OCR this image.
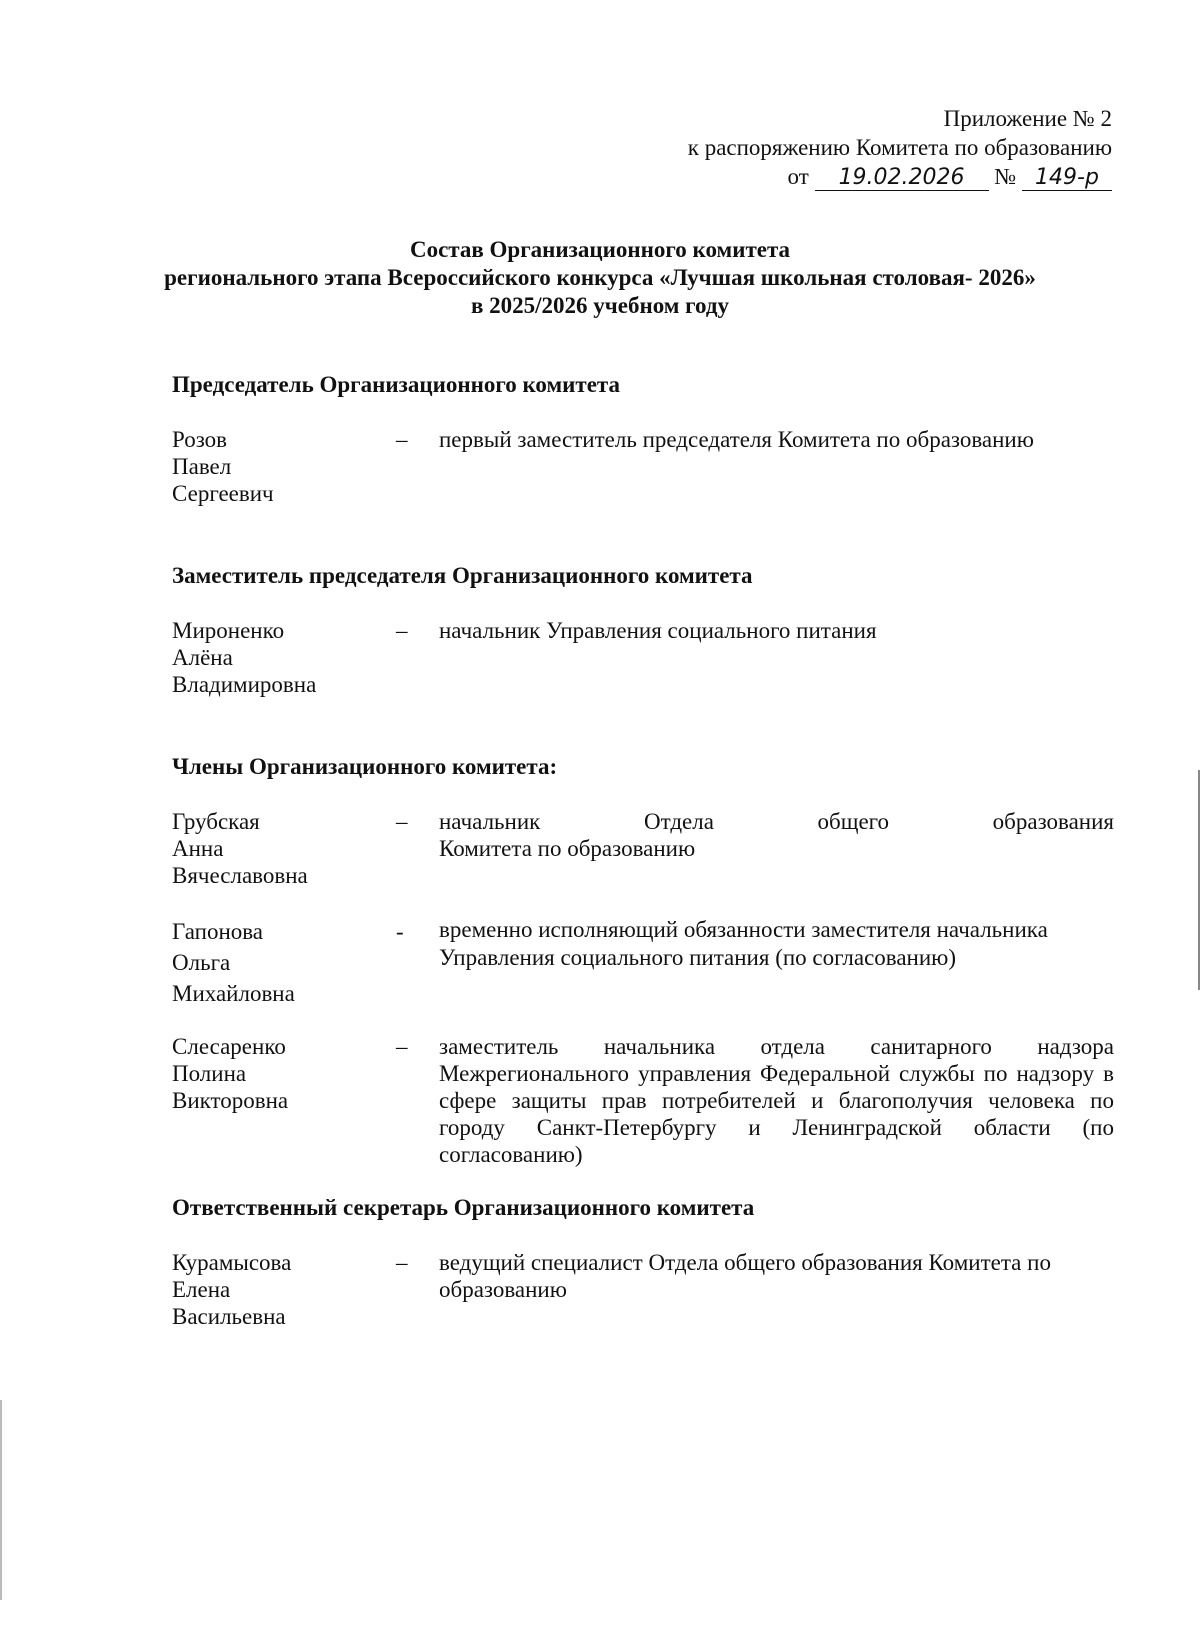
Приложение № 2
к распоряжению Комитета по образованию
от 19.02.2026 № 149-р
Состав Организационного комитета
регионального этапа Всероссийского конкурса «Лучшая школьная столовая- 2026»
в 2025/2026 учебном году
Председатель Организационного комитета
Розов
Павел
Сергеевич
– первый заместитель председателя Комитета по образованию
Заместитель председателя Организационного комитета
Мироненко
Алёна
Владимировна
– начальник Управления социального питания
Члены Организационного комитета:
Грубская
Анна
Вячеславовна
– начальник Отдела общего образования
Комитета по образованию
Гапонова
Ольга
Михайловна
- временно исполняющий обязанности заместителя начальника Управления социального питания (по согласованию)
Слесаренко
Полина
Викторовна
– заместитель начальника отдела санитарного надзора Межрегионального управления Федеральной службы по надзору в сфере защиты прав потребителей и благополучия человека по городу Санкт-Петербургу и Ленинградской области (по согласованию)
Ответственный секретарь Организационного комитета
Курамысова
Елена
Васильевна
– ведущий специалист Отдела общего образования Комитета по образованию
